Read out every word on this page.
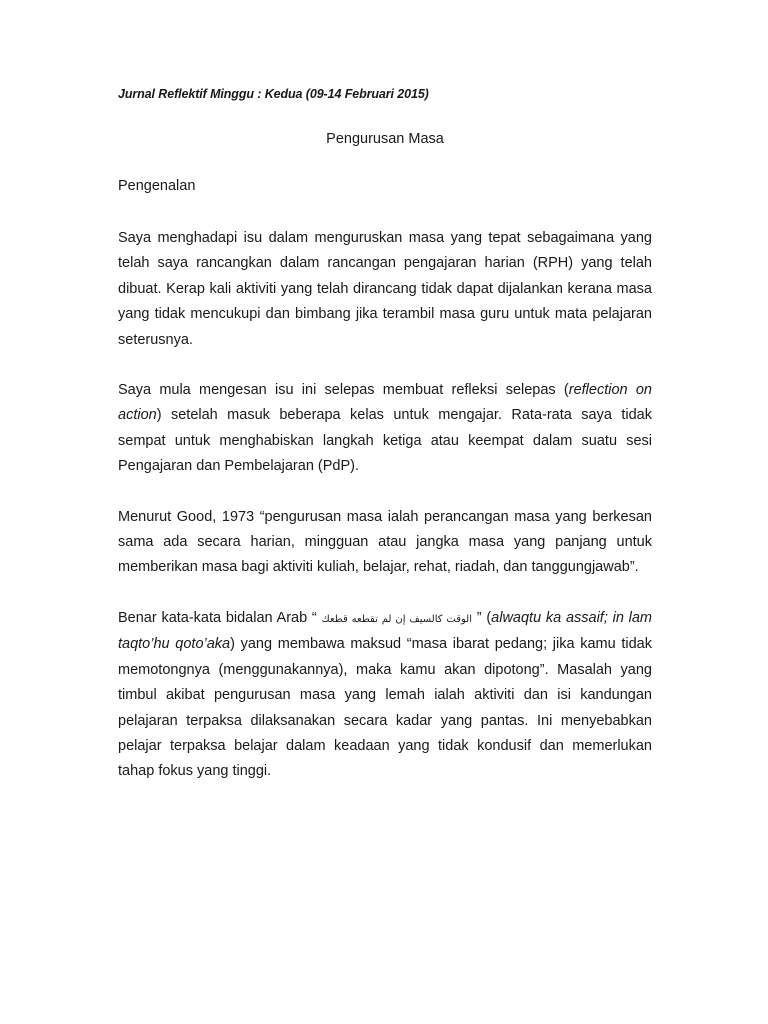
Jurnal Reflektif Minggu : Kedua (09-14 Februari 2015)

Pengurusan Masa
Pengenalan

Saya menghadapi isu dalam menguruskan masa yang tepat sebagaimana yang telah saya rancangkan dalam rancangan pengajaran harian (RPH) yang telah dibuat. Kerap kali aktiviti yang telah dirancang tidak dapat dijalankan kerana masa yang tidak mencukupi dan bimbang jika terambil masa guru untuk mata pelajaran seterusnya.

Saya mula mengesan isu ini selepas membuat refleksi selepas (reflection on action) setelah masuk beberapa kelas untuk mengajar. Rata-rata saya tidak sempat untuk menghabiskan langkah ketiga atau keempat dalam suatu sesi Pengajaran dan Pembelajaran (PdP).

Menurut Good, 1973 “pengurusan masa ialah perancangan masa yang berkesan sama ada secara harian, mingguan atau jangka masa yang panjang untuk memberikan masa bagi aktiviti kuliah, belajar, rehat, riadah, dan tanggungjawab”.

Benar kata-kata bidalan Arab “ الوقت كالسيف إن لم تقطعه قطعك ” (alwaqtu ka assaif; in lam taqto’hu qoto’aka) yang membawa maksud “masa ibarat pedang; jika kamu tidak memotongnya (menggunakannya), maka kamu akan dipotong”. Masalah yang timbul akibat pengurusan masa yang lemah ialah aktiviti dan isi kandungan pelajaran terpaksa dilaksanakan secara kadar yang pantas. Ini menyebabkan pelajar terpaksa belajar dalam keadaan yang tidak kondusif dan memerlukan tahap fokus yang tinggi.
